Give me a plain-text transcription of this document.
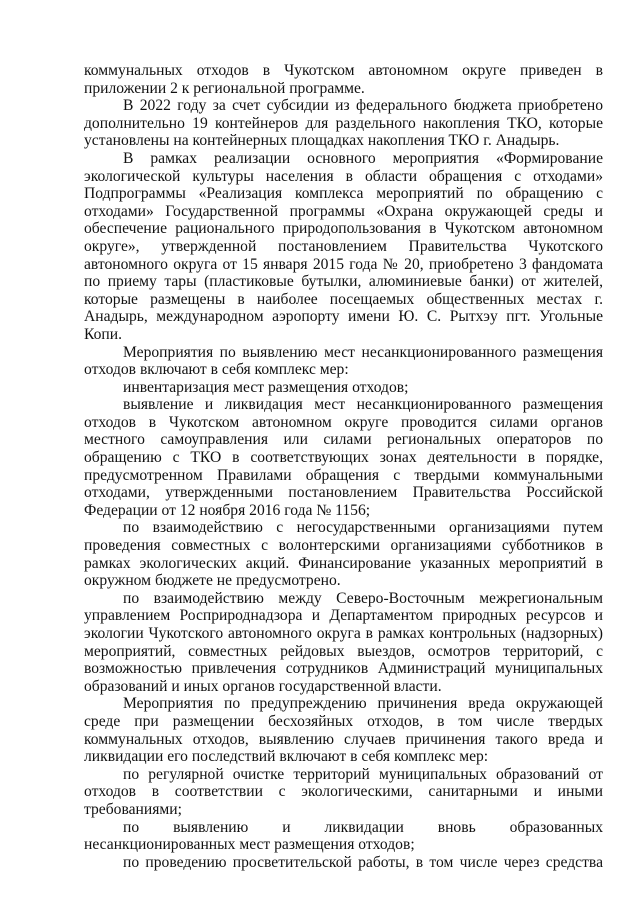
коммунальных отходов в Чукотском автономном округе приведен в приложении 2 к региональной программе.

В 2022 году за счет субсидии из федерального бюджета приобретено дополнительно 19 контейнеров для раздельного накопления ТКО, которые установлены на контейнерных площадках накопления ТКО г. Анадырь.

В рамках реализации основного мероприятия «Формирование экологической культуры населения в области обращения с отходами» Подпрограммы «Реализация комплекса мероприятий по обращению с отходами» Государственной программы «Охрана окружающей среды и обеспечение рационального природопользования в Чукотском автономном округе», утвержденной постановлением Правительства Чукотского автономного округа от 15 января 2015 года № 20, приобретено 3 фандомата по приему тары (пластиковые бутылки, алюминиевые банки) от жителей, которые размещены в наиболее посещаемых общественных местах г. Анадырь, международном аэропорту имени Ю. С. Рытхэу пгт. Угольные Копи.

Мероприятия по выявлению мест несанкционированного размещения отходов включают в себя комплекс мер:

инвентаризация мест размещения отходов;

выявление и ликвидация мест несанкционированного размещения отходов в Чукотском автономном округе проводится силами органов местного самоуправления или силами региональных операторов по обращению с ТКО в соответствующих зонах деятельности в порядке, предусмотренном Правилами обращения с твердыми коммунальными отходами, утвержденными постановлением Правительства Российской Федерации от 12 ноября 2016 года № 1156;

по взаимодействию с негосударственными организациями путем проведения совместных с волонтерскими организациями субботников в рамках экологических акций. Финансирование указанных мероприятий в окружном бюджете не предусмотрено.

по взаимодействию между Северо-Восточным межрегиональным управлением Росприроднадзора и Департаментом природных ресурсов и экологии Чукотского автономного округа в рамках контрольных (надзорных) мероприятий, совместных рейдовых выездов, осмотров территорий, с возможностью привлечения сотрудников Администраций муниципальных образований и иных органов государственной власти.

Мероприятия по предупреждению причинения вреда окружающей среде при размещении бесхозяйных отходов, в том числе твердых коммунальных отходов, выявлению случаев причинения такого вреда и ликвидации его последствий включают в себя комплекс мер:

по регулярной очистке территорий муниципальных образований от отходов в соответствии с экологическими, санитарными и иными требованиями;

по выявлению и ликвидации вновь образованных несанкционированных мест размещения отходов;

по проведению просветительской работы, в том числе через средства
